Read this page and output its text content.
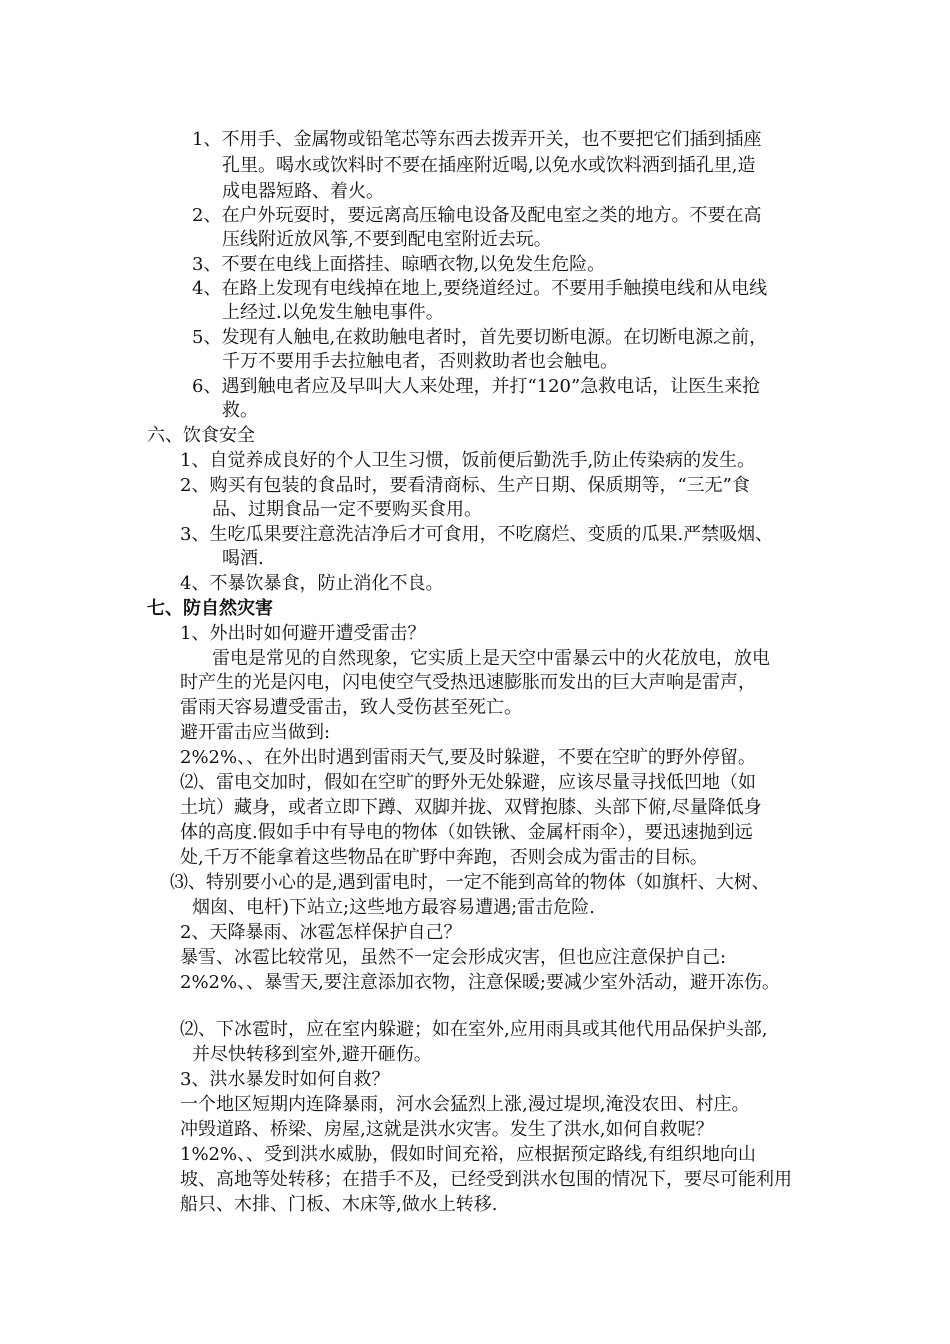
1、不用手、金属物或铅笔芯等东西去拨弄开关，也不要把它们插到插座
孔里。喝水或饮料时不要在插座附近喝,以免水或饮料洒到插孔里,造
成电器短路、着火。
2、在户外玩耍时，要远离高压输电设备及配电室之类的地方。不要在高
压线附近放风筝,不要到配电室附近去玩。
3、不要在电线上面搭挂、晾晒衣物,以免发生危险。
4、在路上发现有电线掉在地上,要绕道经过。不要用手触摸电线和从电线
上经过.以免发生触电事件。
5、发现有人触电,在救助触电者时，首先要切断电源。在切断电源之前，
千万不要用手去拉触电者，否则救助者也会触电。
6、遇到触电者应及早叫大人来处理，并打“120”急救电话，让医生来抢
救。
六、饮食安全
1、自觉养成良好的个人卫生习惯，饭前便后勤洗手,防止传染病的发生。
2、购买有包装的食品时，要看清商标、生产日期、保质期等，“三无”食
品、过期食品一定不要购买食用。
3、生吃瓜果要注意洗洁净后才可食用，不吃腐烂、变质的瓜果.严禁吸烟、
喝酒.
4、不暴饮暴食，防止消化不良。
七、防自然灾害
1、外出时如何避开遭受雷击？
雷电是常见的自然现象，它实质上是天空中雷暴云中的火花放电，放电
时产生的光是闪电，闪电使空气受热迅速膨胀而发出的巨大声响是雷声，
雷雨天容易遭受雷击，致人受伤甚至死亡。
避开雷击应当做到:
2%2%、、在外出时遇到雷雨天气,要及时躲避，不要在空旷的野外停留。
⑵、雷电交加时，假如在空旷的野外无处躲避，应该尽量寻找低凹地（如
土坑）藏身，或者立即下蹲、双脚并拢、双臂抱膝、头部下俯,尽量降低身
体的高度.假如手中有导电的物体（如铁锹、金属杆雨伞），要迅速抛到远
处,千万不能拿着这些物品在旷野中奔跑，否则会成为雷击的目标。
⑶、特别要小心的是,遇到雷电时，一定不能到高耸的物体（如旗杆、大树、
烟囱、电杆)下站立;这些地方最容易遭遇;雷击危险.
2、天降暴雨、冰雹怎样保护自己？
暴雪、冰雹比较常见，虽然不一定会形成灾害，但也应注意保护自己:
2%2%、、暴雪天,要注意添加衣物，注意保暖;要减少室外活动，避开冻伤。
⑵、下冰雹时，应在室内躲避；如在室外,应用雨具或其他代用品保护头部,
并尽快转移到室外,避开砸伤。
3、洪水暴发时如何自救？
一个地区短期内连降暴雨，河水会猛烈上涨,漫过堤坝,淹没农田、村庄。
冲毁道路、桥梁、房屋,这就是洪水灾害。发生了洪水,如何自救呢？
1%2%、、受到洪水威胁，假如时间充裕，应根据预定路线,有组织地向山
坡、高地等处转移；在措手不及，已经受到洪水包围的情况下，要尽可能利用
船只、木排、门板、木床等,做水上转移.
